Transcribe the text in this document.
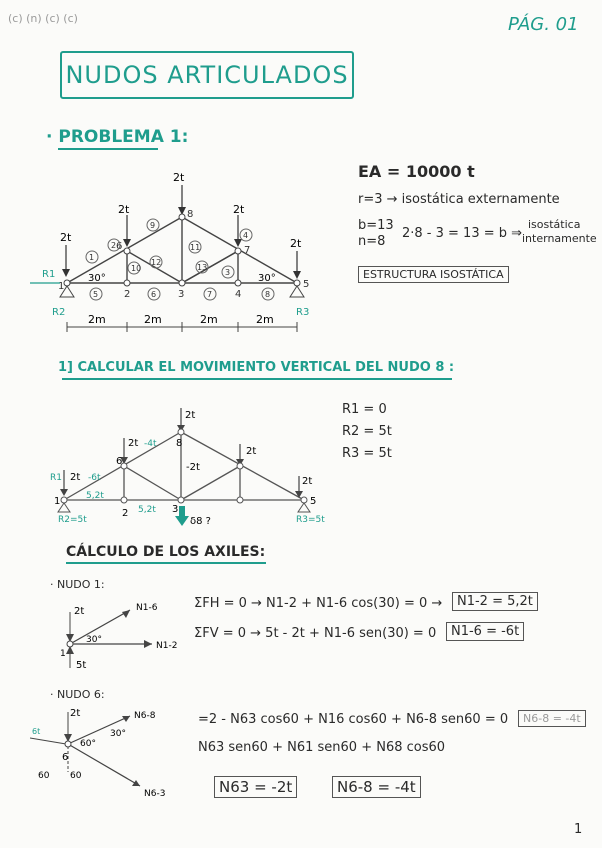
(c) (n) (c) (c)	PÁG. 01
NUDOS ARTICULADOS
· PROBLEMA 1:
2t
2t
2t
2t
2t
1
2	3	4
5
6	7
8
1
5	6	7	8
9
10
11
12
13
3
4
2
30°	30°
R1
R2	R3
2m	2m	2m	2m
EA = 10000 t
r=3 → isostática externamente
b=13
n=8
2·8 - 3 = 13 = b ⇒
isostática
internamente
ESTRUCTURA ISOSTÁTICA
1] CALCULAR EL MOVIMIENTO VERTICAL DEL NUDO 8 :
2t
2t
2t
2t
2t
1
2	3
5
6
8
-4t
-6t
5,2t
5,2t
R1
R2=5t	R3=5t
-2t
δ8 ?
R1 = 0
R2 = 5t
R3 = 5t
CÁLCULO DE LOS AXILES:
· NUDO 1:
2t
5t
30°
1
N1-6
N1-2
ΣFH = 0 → N1-2 + N1-6 cos(30) = 0 →	N1-2 = 5,2t
ΣFV = 0 → 5t - 2t + N1-6 sen(30) = 0	N1-6 = -6t
· NUDO 6:
2t
60°
30°
60 60
6
6t
N6-8
N6-3
=2 - N63 cos60 + N16 cos60 + N6-8 sen60 = 0	N6-8 = -4t
N63 sen60 + N61 sen60 + N68 cos60
N63 = -2t	N6-8 = -4t
1
